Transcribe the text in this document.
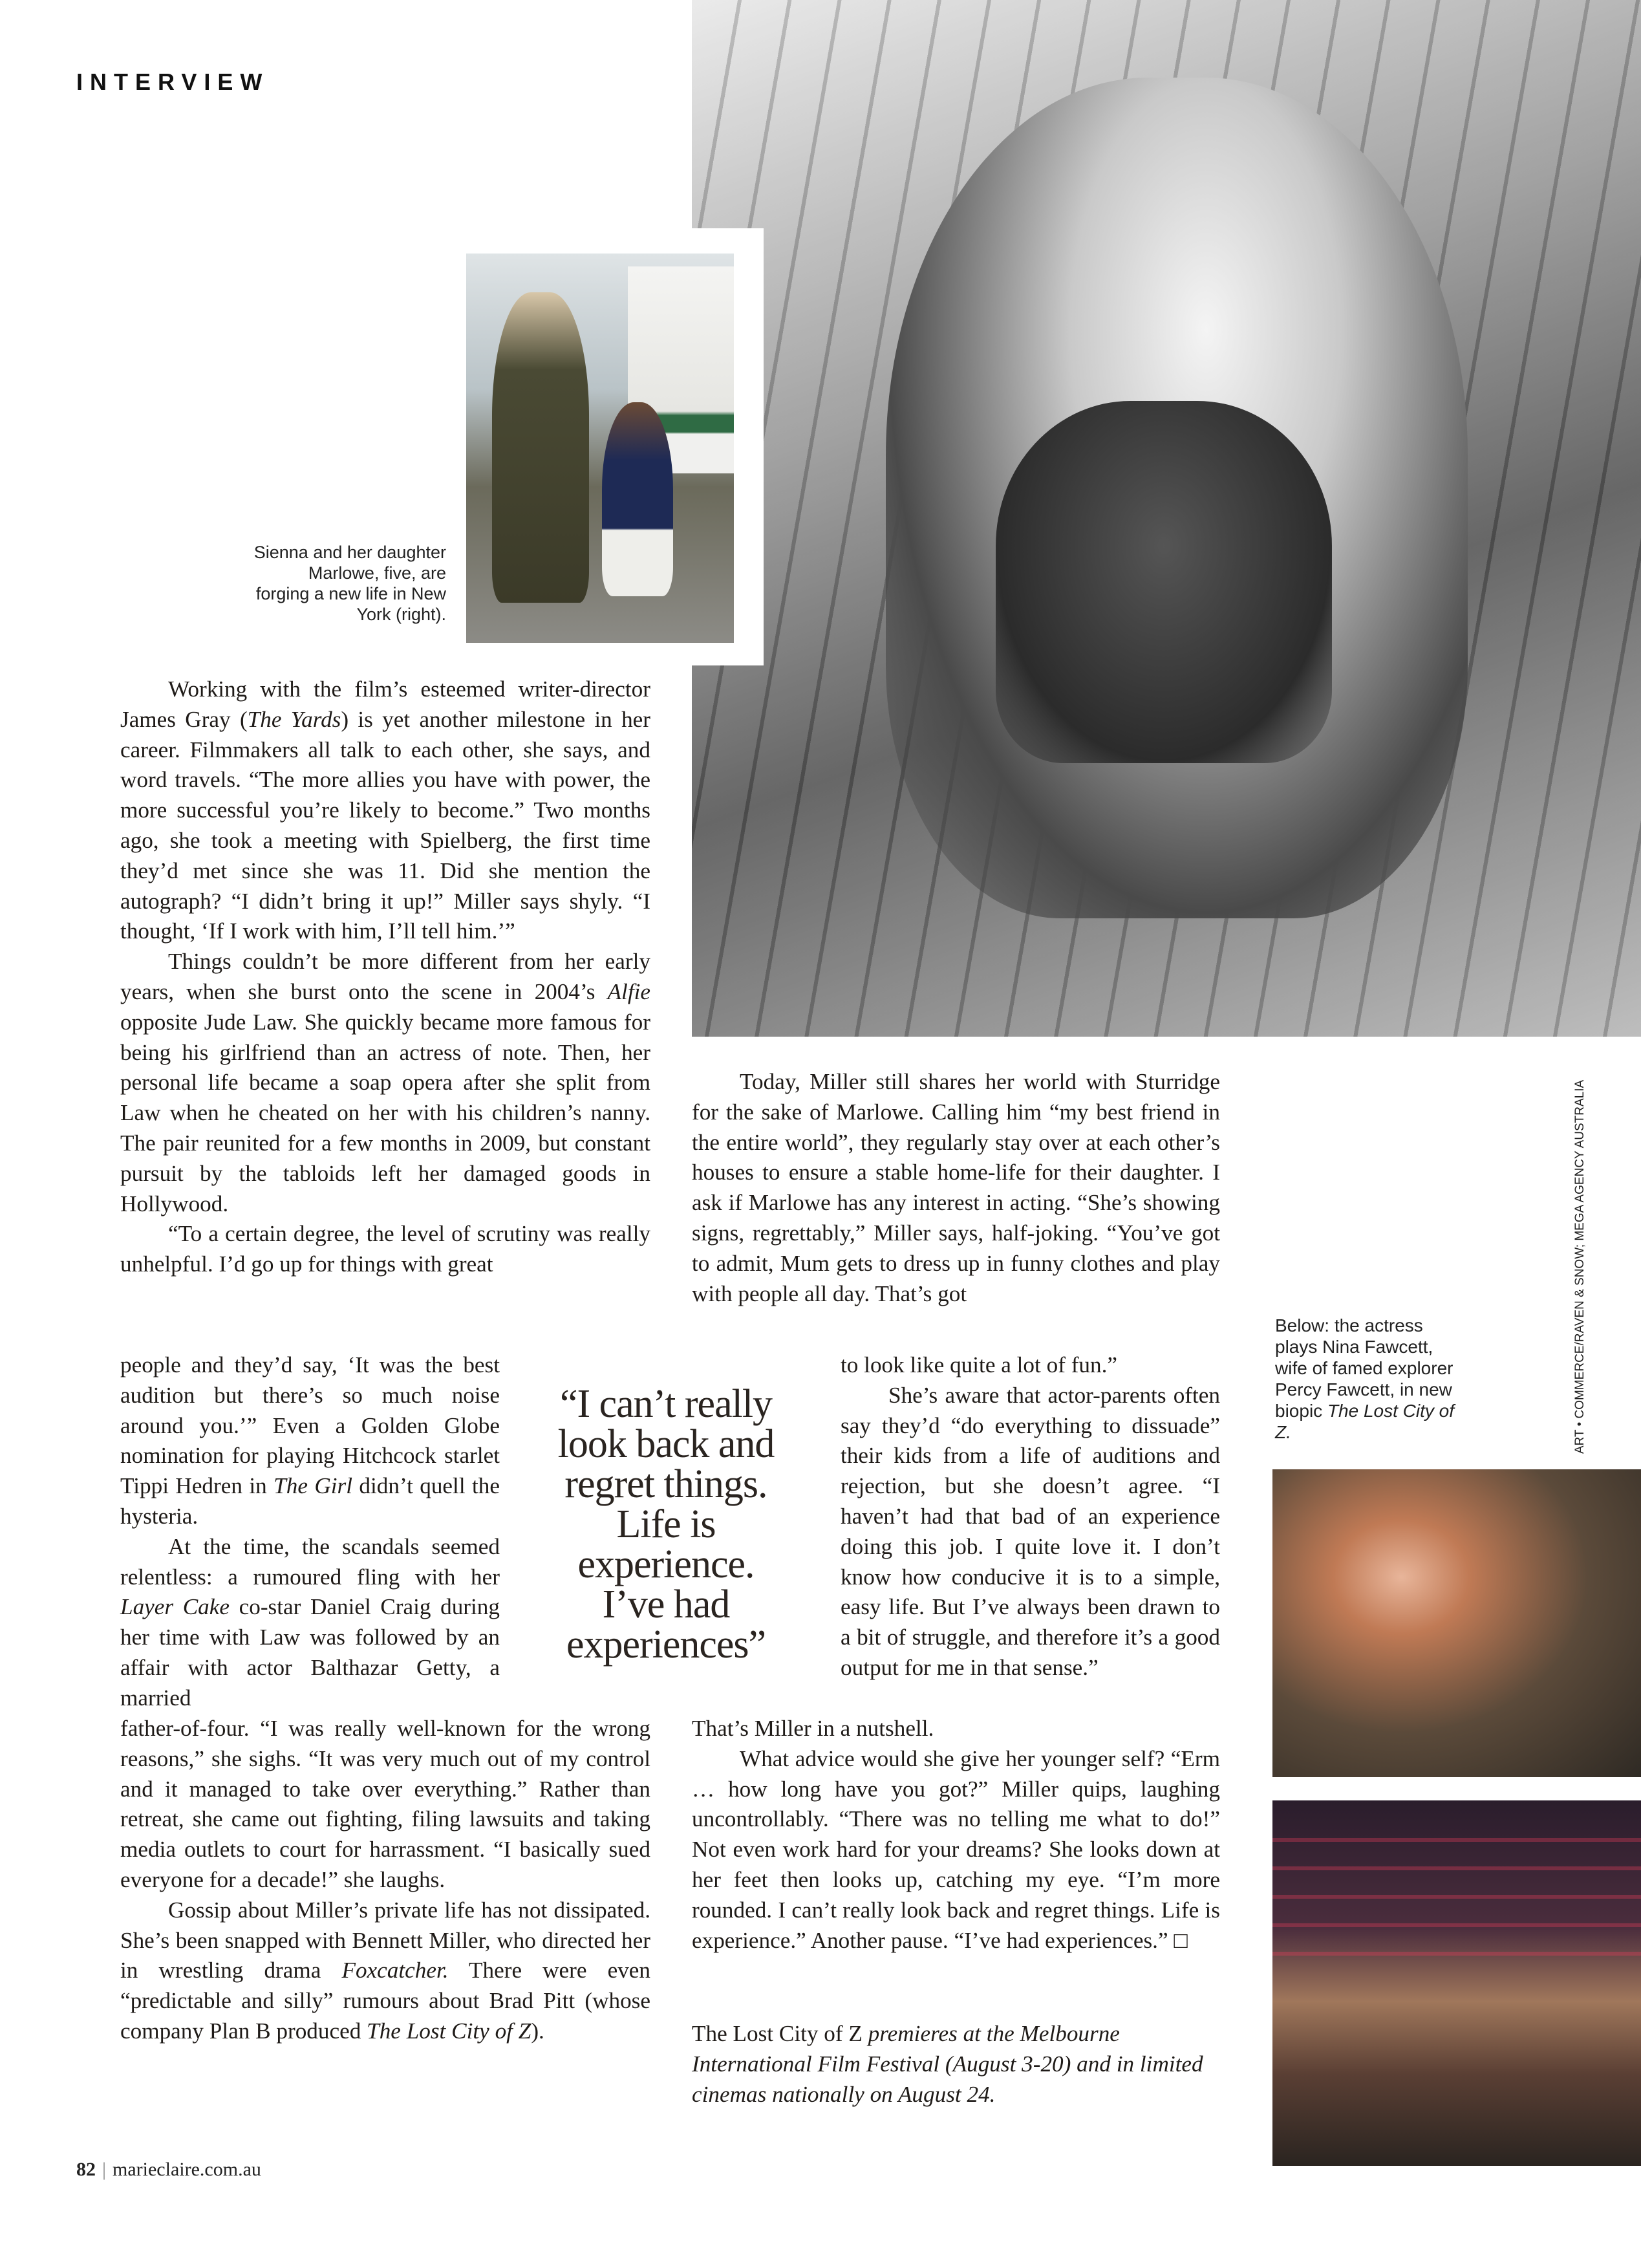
INTERVIEW
Sienna and her daughter Marlowe, five, are forging a new life in New York (right).
Below: the actress plays Nina Fawcett, wife of famed explorer Percy Fawcett, in new biopic The Lost City of Z.	ART • COMMERCE/RAVEN & SNOW; MEGA AGENCY AUSTRALIA

Working with the film’s esteemed writer-director James Gray (The Yards) is yet another milestone in her career. Filmmakers all talk to each other, she says, and word travels. “The more allies you have with power, the more successful you’re likely to become.” Two months ago, she took a meeting with Spielberg, the first time they’d met since she was 11. Did she mention the autograph? “I didn’t bring it up!” Miller says shyly. “I thought, ‘If I work with him, I’ll tell him.’”

Things couldn’t be more different from her early years, when she burst onto the scene in 2004’s Alfie opposite Jude Law. She quickly became more famous for being his girlfriend than an actress of note. Then, her personal life became a soap opera after she split from Law when he cheated on her with his children’s nanny. The pair reunited for a few months in 2009, but constant pursuit by the tabloids left her damaged goods in Hollywood.

“To a certain degree, the level of scrutiny was really unhelpful. I’d go up for things with great

people and they’d say, ‘It was the best audition but there’s so much noise around you.’” Even a Golden Globe nomination for playing Hitchcock starlet Tippi Hedren in The Girl didn’t quell the hysteria.

At the time, the scandals seemed relentless: a rumoured fling with her Layer Cake co-star Daniel Craig during her time with Law was followed by an affair with actor Balthazar Getty, a married

father-of-four. “I was really well-known for the wrong reasons,” she sighs. “It was very much out of my control and it managed to take over everything.” Rather than retreat, she came out fighting, filing lawsuits and taking media outlets to court for harrassment. “I basically sued everyone for a decade!” she laughs.

Gossip about Miller’s private life has not dissipated. She’s been snapped with Bennett Miller, who directed her in wrestling drama Foxcatcher. There were even “predictable and silly” rumours about Brad Pitt (whose company Plan B produced The Lost City of Z).

“I can’t really look back and regret things. Life is experience. I’ve had experiences”

Today, Miller still shares her world with Sturridge for the sake of Marlowe. Calling him “my best friend in the entire world”, they regularly stay over at each other’s houses to ensure a stable home-life for their daughter. I ask if Marlowe has any interest in acting. “She’s showing signs, regrettably,” Miller says, half-joking. “You’ve got to admit, Mum gets to dress up in funny clothes and play with people all day. That’s got

to look like quite a lot of fun.”

She’s aware that actor-parents often say they’d “do everything to dissuade” their kids from a life of auditions and rejection, but she doesn’t agree. “I haven’t had that bad of an experience doing this job. I quite love it. I don’t know how conducive it is to a simple, easy life. But I’ve always been drawn to a bit of struggle, and therefore it’s a good output for me in that sense.”

That’s Miller in a nutshell.

What advice would she give her younger self? “Erm … how long have you got?” Miller quips, laughing uncontrollably. “There was no telling me what to do!” Not even work hard for your dreams? She looks down at her feet then looks up, catching my eye. “I’m more rounded. I can’t really look back and regret things. Life is experience.” Another pause. “I’ve had experiences.” □

The Lost City of Z premieres at the Melbourne International Film Festival (August 3-20) and in limited cinemas nationally on August 24.
82 | marieclaire.com.au
